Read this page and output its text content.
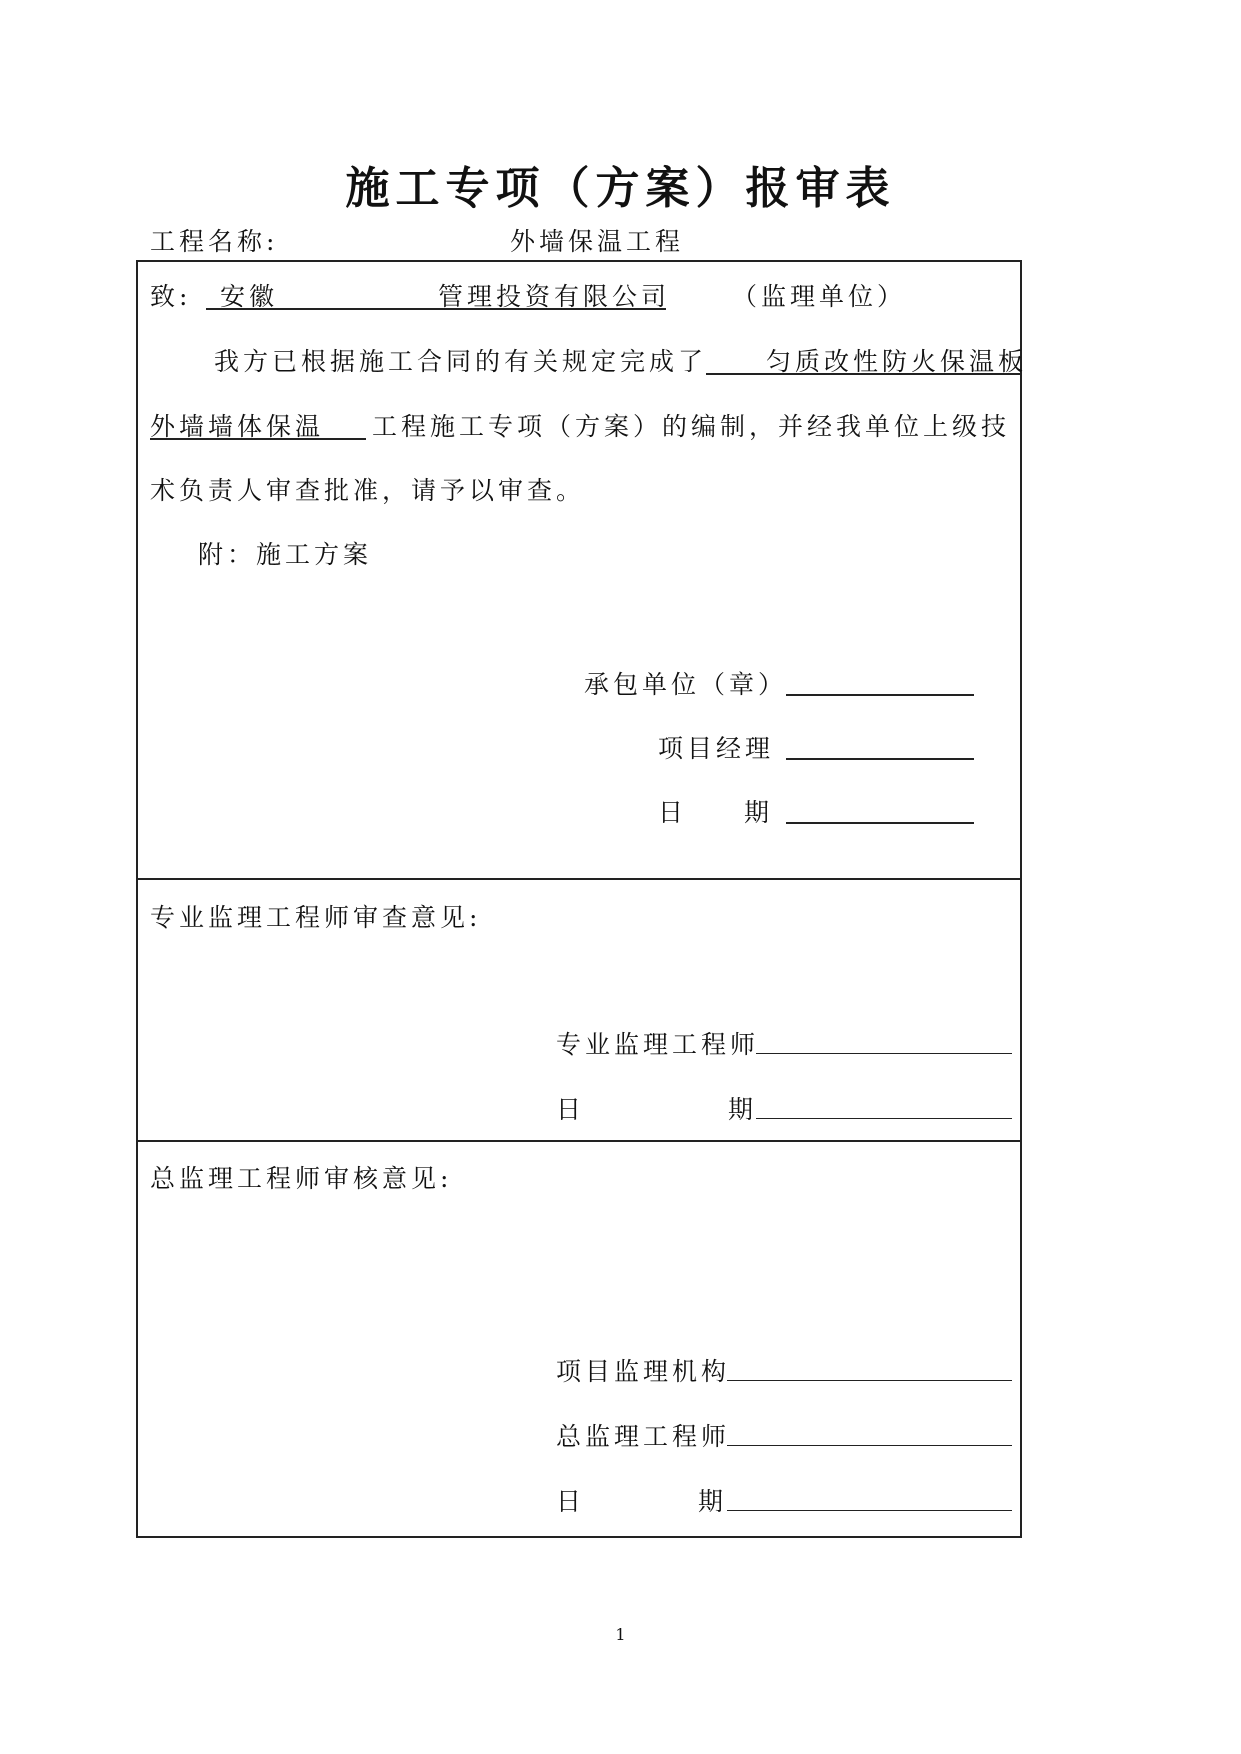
施工专项（方案）报审表
工程名称:	外墙保温工程
致: 安徽	管理投资有限公司 （监理单位）
我方已根据施工合同的有关规定完成了 匀质改性防火保温板
外墙墙体保温 工程施工专项（方案）的编制，并经我单位上级技
术负责人审查批准，请予以审查。
附：施工方案
承包单位（章）
项目经理
日 期
专业监理工程师审查意见:
专业监理工程师
日	期
总监理工程师审核意见:
项目监理机构
总监理工程师
日	期
1
